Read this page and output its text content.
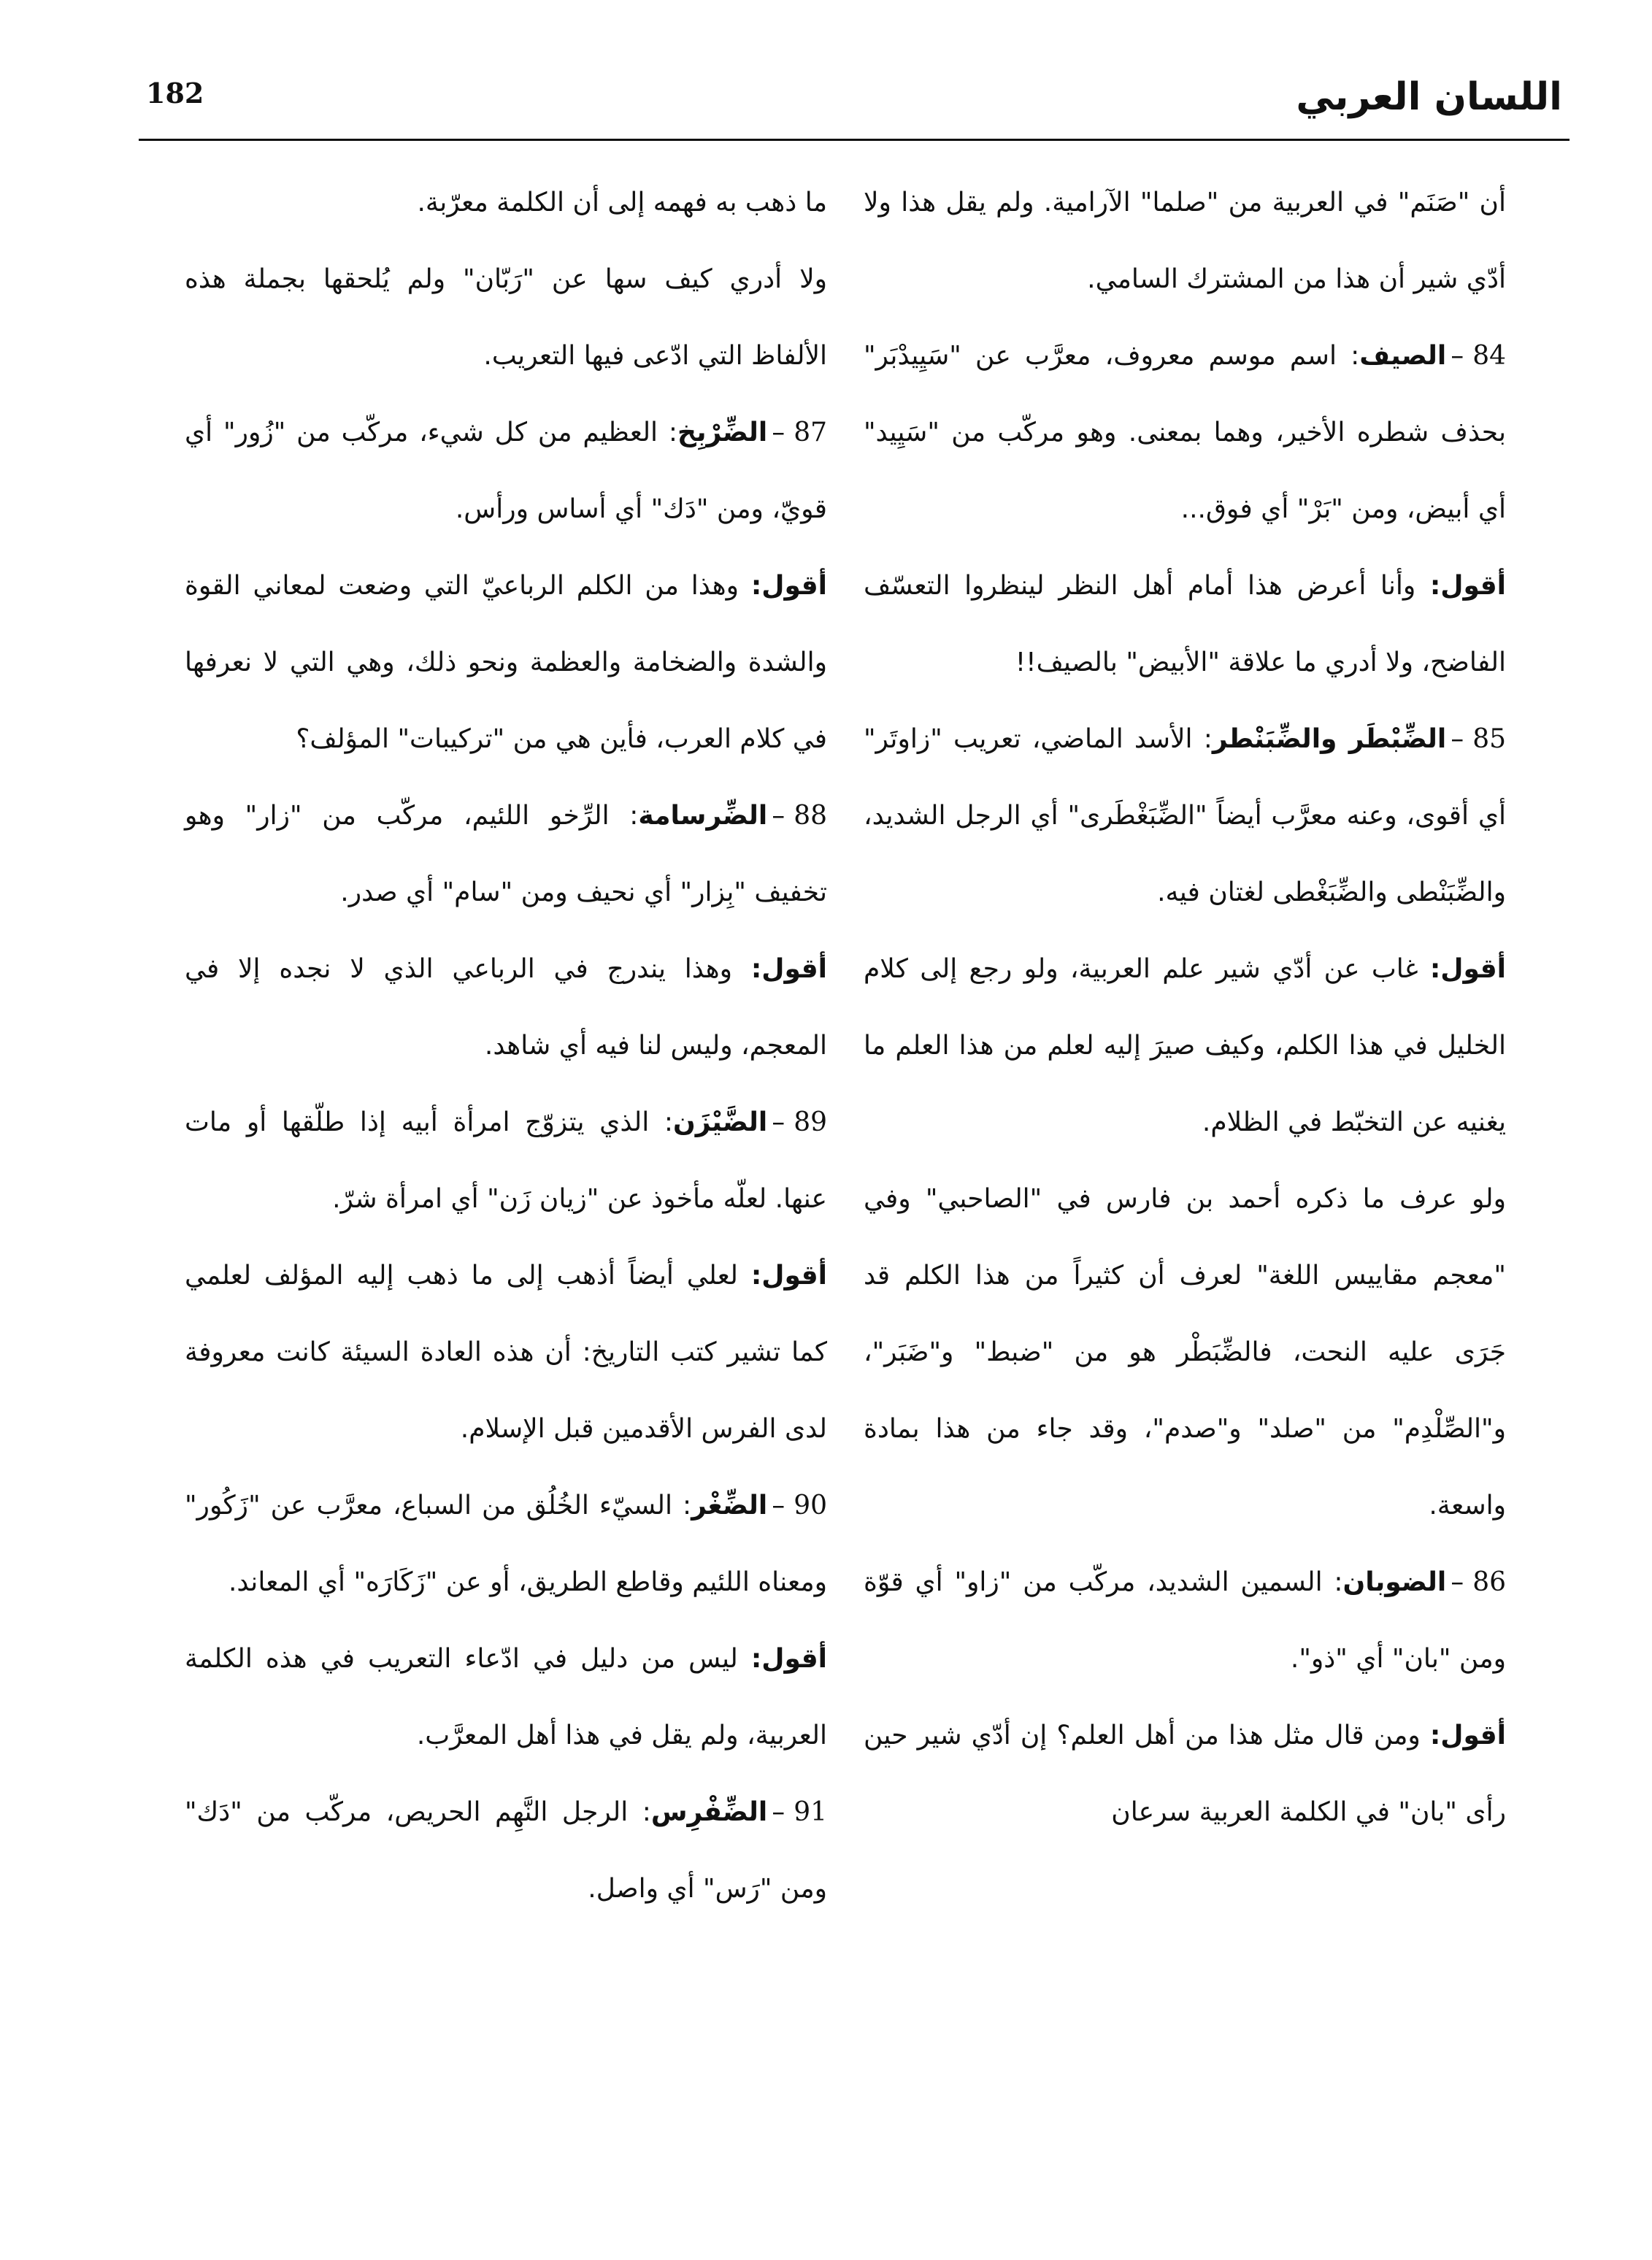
182	اللسان العربي

أن "صَنَم" في العربية من "صلما" الآرامية. ولم يقل هذا ولا أدّي شير أن هذا من المشترك السامي.

84–الصيف: اسم موسم معروف، معرَّب عن "سَيِيدْبَر" بحذف شطره الأخير، وهما بمعنى. وهو مركّب من "سَيِيد" أي أبيض، ومن "بَرْ" أي فوق...

أقول: وأنا أعرض هذا أمام أهل النظر لينظروا التعسّف الفاضح، ولا أدري ما علاقة "الأبيض" بالصيف!!

85–الضِّبْطَر والضِّبَنْطر: الأسد الماضي، تعريب "زاوتَر" أي أقوى، وعنه معرَّب أيضاً "الضِّبَغْطَرى" أي الرجل الشديد، والضِّبَنْطى والضِّبَغْطى لغتان فيه.

أقول: غاب عن أدّي شير علم العربية، ولو رجع إلى كلام الخليل في هذا الكلم، وكيف صيرَ إليه لعلم من هذا العلم ما يغنيه عن التخبّط في الظلام.

ولو عرف ما ذكره أحمد بن فارس في "الصاحبي" وفي "معجم مقاييس اللغة" لعرف أن كثيراً من هذا الكلم قد جَرَى عليه النحت، فالضِّبَطْر هو من "ضبط" و"ضَبَر"، و"الصِّلْدِم" من "صلد" و"صدم"، وقد جاء من هذا بمادة واسعة.

86–الضوبان: السمين الشديد، مركّب من "زاو" أي قوّة ومن "بان" أي "ذو".

أقول: ومن قال مثل هذا من أهل العلم؟ إن أدّي شير حين رأى "بان" في الكلمة العربية سرعان

ما ذهب به فهمه إلى أن الكلمة معرّبة.

ولا أدري كيف سها عن "رَبّان" ولم يُلحقها بجملة هذه الألفاظ التي ادّعى فيها التعريب.

87–الضِّرْبِخ: العظيم من كل شيء، مركّب من "زُور" أي قويّ، ومن "دَك" أي أساس ورأس.

أقول: وهذا من الكلم الرباعيّ التي وضعت لمعاني القوة والشدة والضخامة والعظمة ونحو ذلك، وهي التي لا نعرفها في كلام العرب، فأين هي من "تركيبات" المؤلف؟

88–الضِّرسامة: الرِّخو اللئيم، مركّب من "زار" وهو تخفيف "بِزار" أي نحيف ومن "سام" أي صدر.

أقول: وهذا يندرج في الرباعي الذي لا نجده إلا في المعجم، وليس لنا فيه أي شاهد.

89–الضَّيْزَن: الذي يتزوّج امرأة أبيه إذا طلّقها أو مات عنها. لعلّه مأخوذ عن "زيان زَن" أي امرأة شرّ.

أقول: لعلي أيضاً أذهب إلى ما ذهب إليه المؤلف لعلمي كما تشير كتب التاريخ: أن هذه العادة السيئة كانت معروفة لدى الفرس الأقدمين قبل الإسلام.

90–الضِّغْر: السيّء الخُلُق من السباع، معرَّب عن "زَكُور" ومعناه اللئيم وقاطع الطريق، أو عن "زَكَارَه" أي المعاند.

أقول: ليس من دليل في ادّعاء التعريب في هذه الكلمة العربية، ولم يقل في هذا أهل المعرَّب.

91–الضِّفْرِس: الرجل النَّهِم الحريص، مركّب من "دَك" ومن "رَس" أي واصل.
